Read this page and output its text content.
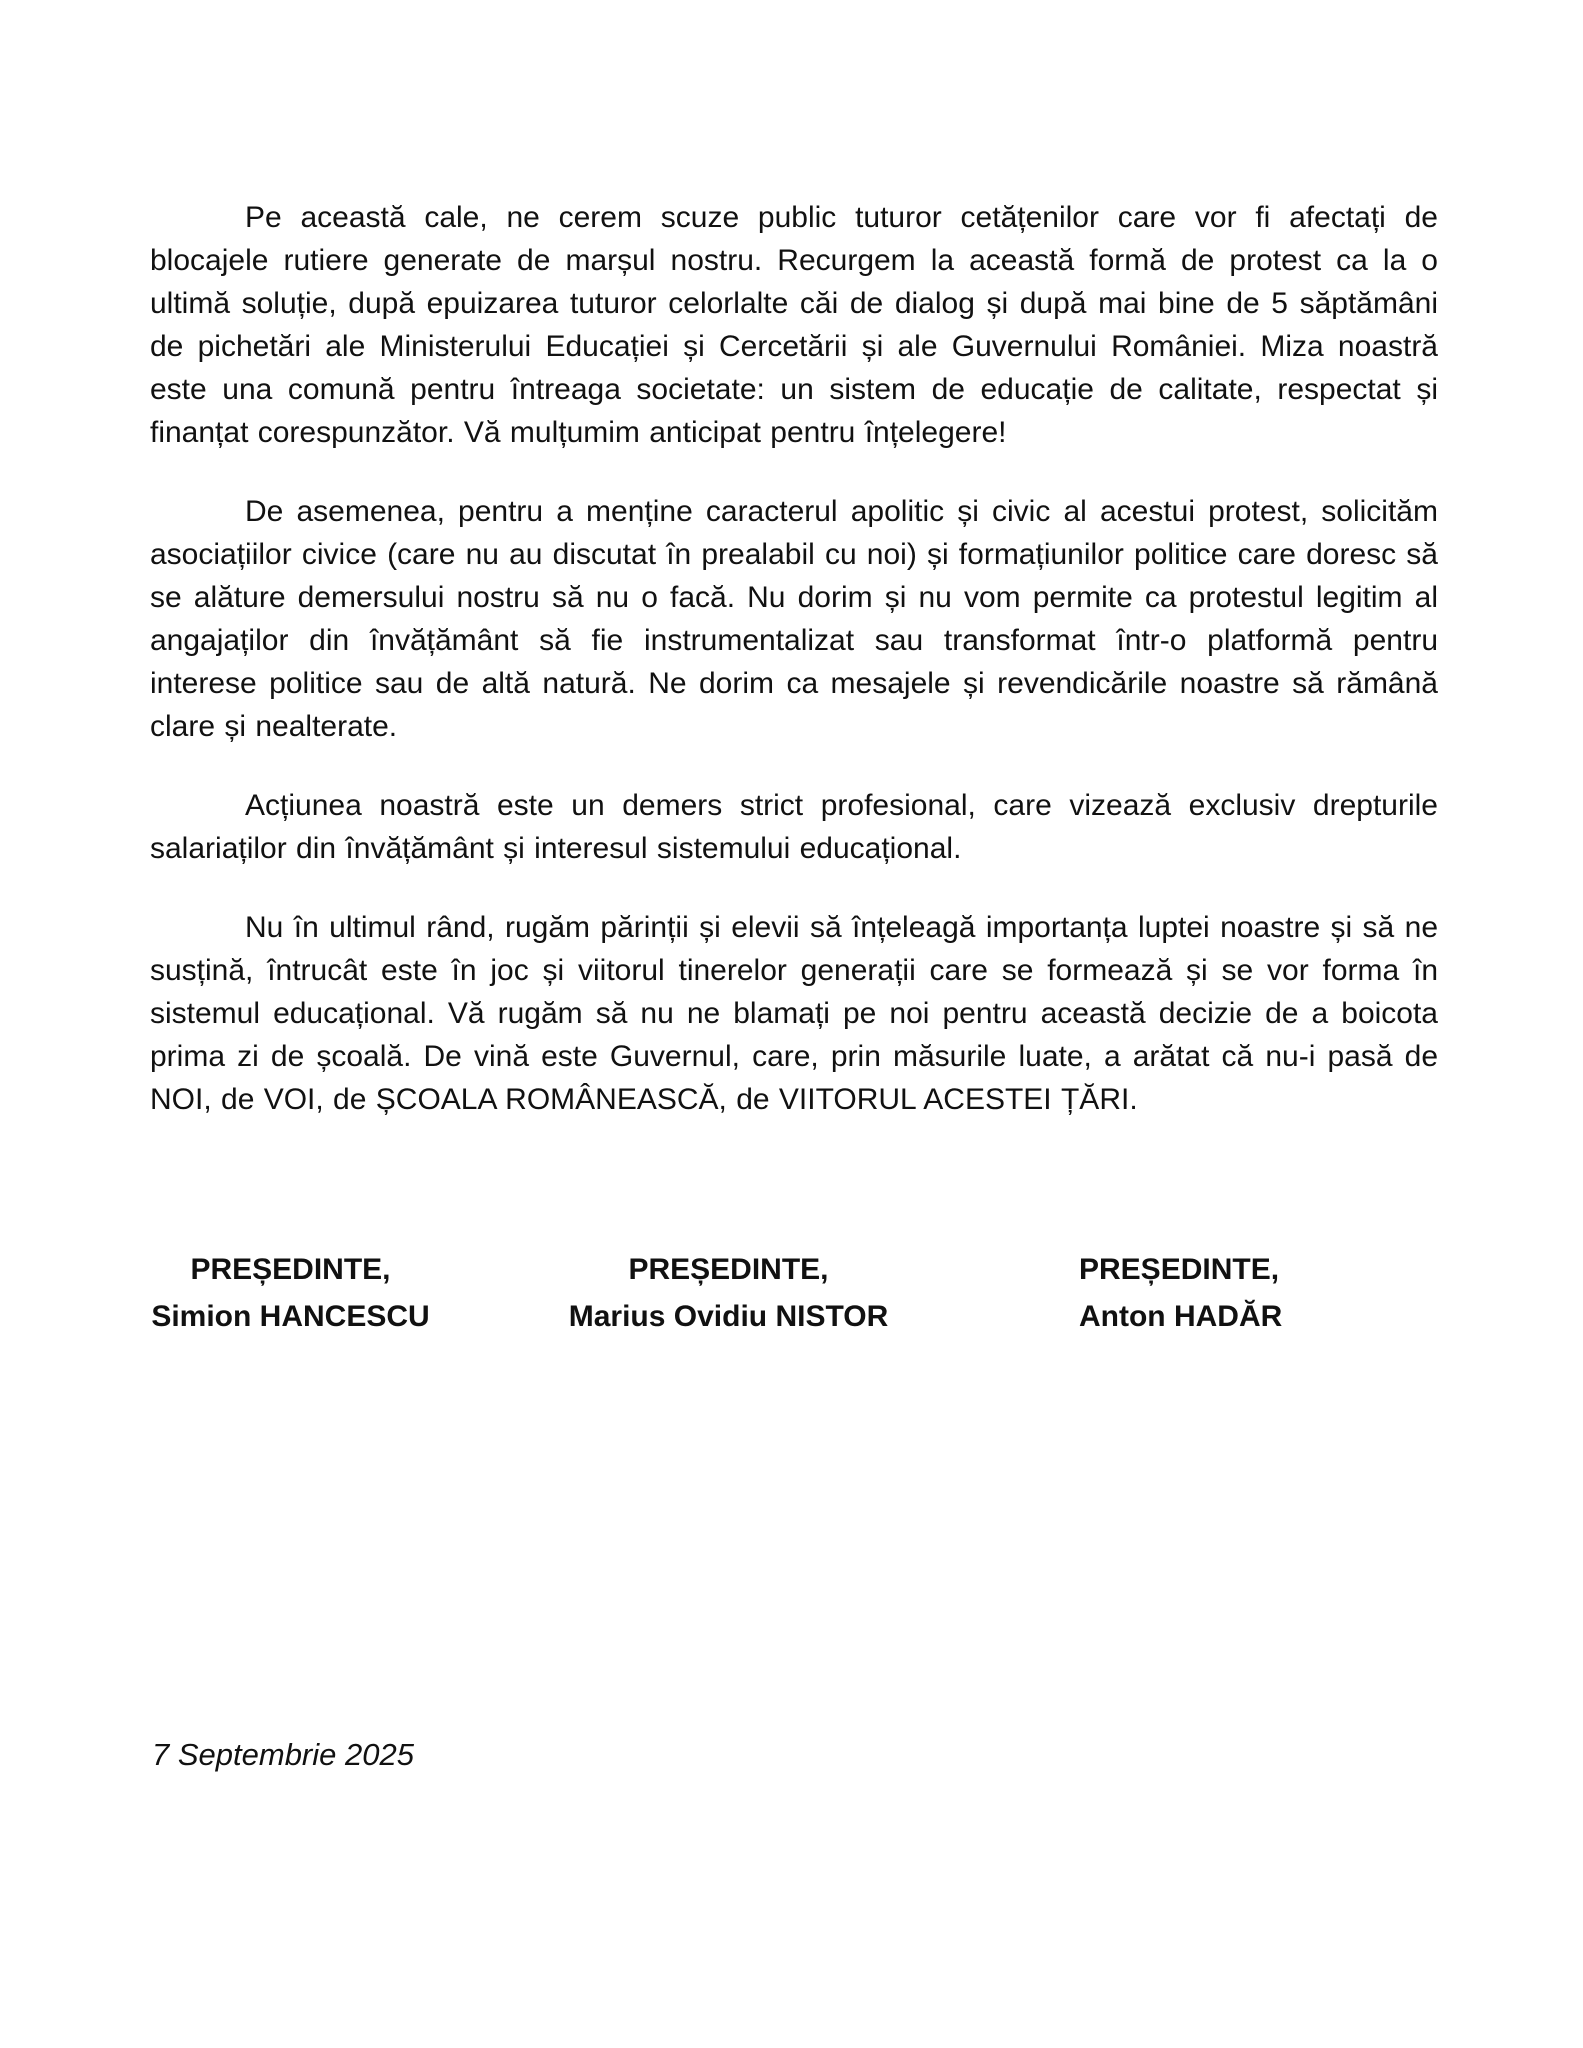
Pe această cale, ne cerem scuze public tuturor cetățenilor care vor fi afectați de blocajele rutiere generate de marșul nostru. Recurgem la această formă de protest ca la o ultimă soluție, după epuizarea tuturor celorlalte căi de dialog și după mai bine de 5 săptămâni de pichetări ale Ministerului Educației și Cercetării și ale Guvernului României. Miza noastră este una comună pentru întreaga societate: un sistem de educație de calitate, respectat și finanțat corespunzător. Vă mulțumim anticipat pentru înțelegere!

De asemenea, pentru a menține caracterul apolitic și civic al acestui protest, solicităm asociațiilor civice (care nu au discutat în prealabil cu noi) și formațiunilor politice care doresc să se alăture demersului nostru să nu o facă. Nu dorim și nu vom permite ca protestul legitim al angajaților din învățământ să fie instrumentalizat sau transformat într-o platformă pentru interese politice sau de altă natură. Ne dorim ca mesajele și revendicările noastre să rămână clare și nealterate.

Acțiunea noastră este un demers strict profesional, care vizează exclusiv drepturile salariaților din învățământ și interesul sistemului educațional.

Nu în ultimul rând, rugăm părinții și elevii să înțeleagă importanța luptei noastre și să ne susțină, întrucât este în joc și viitorul tinerelor generații care se formează și se vor forma în sistemul educațional. Vă rugăm să nu ne blamați pe noi pentru această decizie de a boicota prima zi de școală. De vină este Guvernul, care, prin măsurile luate, a arătat că nu-i pasă de NOI, de VOI, de ȘCOALA ROMÂNEASCĂ, de VIITORUL ACESTEI ȚĂRI.

PREȘEDINTE,
Simion HANCESCU
PREȘEDINTE,
Marius Ovidiu NISTOR
PREȘEDINTE,
Anton HADĂR
7 Septembrie 2025
